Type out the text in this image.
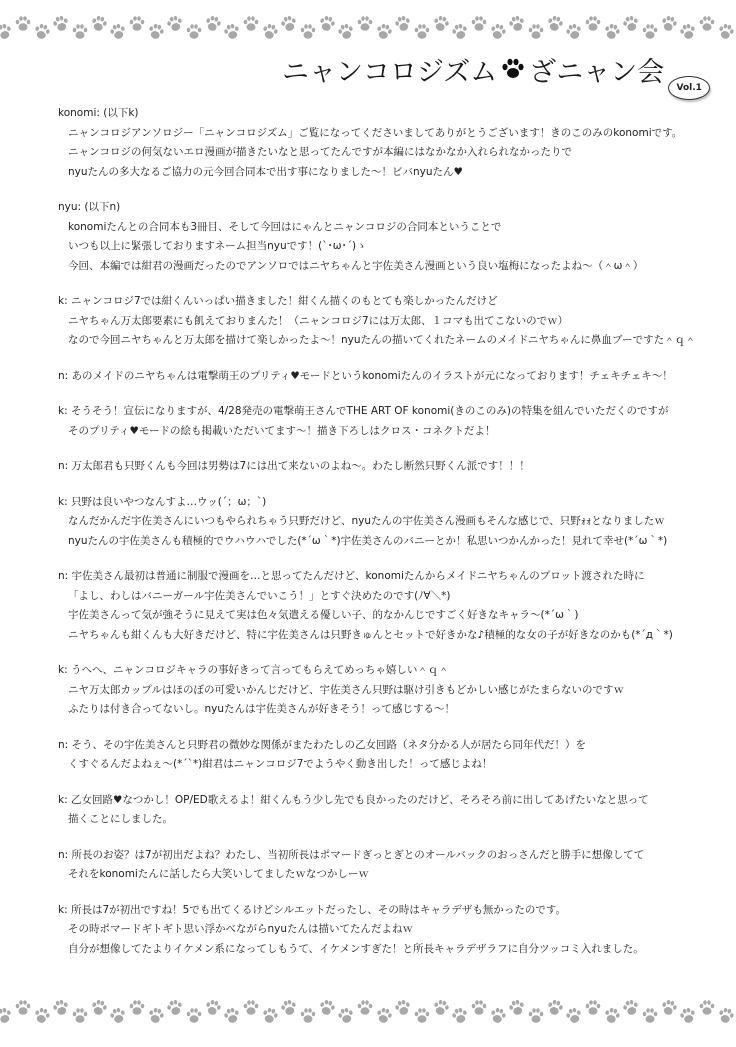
ニャンコロジズム ざニャン会
Vol.1
konomi: (以下k)
ニャンコロジアンソロジー「ニャンコロジズム」ご覧になってくださいましてありがとうございます！きのこのみのkonomiです。
ニャンコロジの何気ないエロ漫画が描きたいなと思ってたんですが本編にはなかなか入れられなかったりで
nyuたんの多大なるご協力の元今回合同本で出す事になりました～！ビバnyuたん♥
nyu: (以下n)
konomiたんとの合同本も3冊目、そして今回はにゃんとニャンコロジの合同本ということで
いつも以上に緊張しておりますネーム担当nyuです！(`･ω･´)ゝ
今回、本編では紺君の漫画だったのでアンソロではニヤちゃんと宇佐美さん漫画という良い塩梅になったよね～（＾ω＾）
k: ニャンコロジ7では紺くんいっぱい描きました！紺くん描くのもとても楽しかったんだけど
ニヤちゃん万太郎要素にも飢えておりまんた！（ニャンコロジ7には万太郎、１コマも出てこないのでｗ）
なので今回ニヤちゃんと万太郎を描けて楽しかったよ～！nyuたんの描いてくれたネームのメイドニヤちゃんに鼻血ブーですた＾ｑ＾
n: あのメイドのニヤちゃんは電撃萌王のプリティ♥モードというkonomiたんのイラストが元になっております！チェキチェキ～！
k: そうそう！宣伝になりますが、4/28発売の電撃萌王さんでTHE ART OF konomi(きのこのみ)の特集を組んでいただくのですが
そのプリティ♥モードの絵も掲載いただいてます～！描き下ろしはクロス・コネクトだよ！
n: 万太郎君も只野くんも今回は男勢は7には出て来ないのよね～。わたし断然只野くん派です！！！
k: 只野は良いやつなんすよ…ウッ(´；ω；`)
なんだかんだ宇佐美さんにいつもやられちゃう只野だけど、nyuたんの宇佐美さん漫画もそんな感じで、只野ｫｫとなりましたｗ
nyuたんの宇佐美さんも積極的でウハウハでした(*´ω｀*)宇佐美さんのバニーとか！私思いつかんかった！見れて幸せ(*´ω｀*)
n: 宇佐美さん最初は普通に制服で漫画を…と思ってたんだけど、konomiたんからメイドニヤちゃんのプロット渡された時に
「よし、わしはバニーガール宇佐美さんでいこう！」とすぐ決めたのです(ﾉ∀＼*)
宇佐美さんって気が強そうに見えて実は色々気遣える優しい子、的なかんじですごく好きなキャラ～(*´ω｀)
ニヤちゃんも紺くんも大好きだけど、特に宇佐美さんは只野きゅんとセットで好きかな♪積極的な女の子が好きなのかも(*´д｀*)
k: うへへ、ニャンコロジキャラの事好きって言ってもらえてめっちゃ嬉しい＾ｑ＾
ニヤ万太郎カップルはほのぼの可愛いかんじだけど、宇佐美さん只野は駆け引きもどかしい感じがたまらないのですｗ
ふたりは付き合ってないし。nyuたんは宇佐美さんが好きそう！って感じする～！
n: そう、その宇佐美さんと只野君の微妙な関係がまたわたしの乙女回路（ネタ分かる人が居たら同年代だ！）を
くすぐるんだよねぇ～(*´`*)紺君はニャンコロジ7でようやく動き出した！って感じよね！
k: 乙女回路♥なつかし！OP/ED歌えるよ！紺くんもう少し先でも良かったのだけど、そろそろ前に出してあげたいなと思って
描くことにしました。
n: 所長のお姿？は7が初出だよね？わたし、当初所長はポマードぎっとぎとのオールバックのおっさんだと勝手に想像してて
それをkonomiたんに話したら大笑いしてましたｗなつかしーｗ
k: 所長は7が初出ですね！5でも出てくるけどシルエットだったし、その時はキャラデザも無かったのです。
その時ポマードギトギト思い浮かべながらnyuたんは描いてたんだよねｗ
自分が想像してたよりイケメン系になってしもうて、イケメンすぎた！と所長キャラデザラフに自分ツッコミ入れました。
